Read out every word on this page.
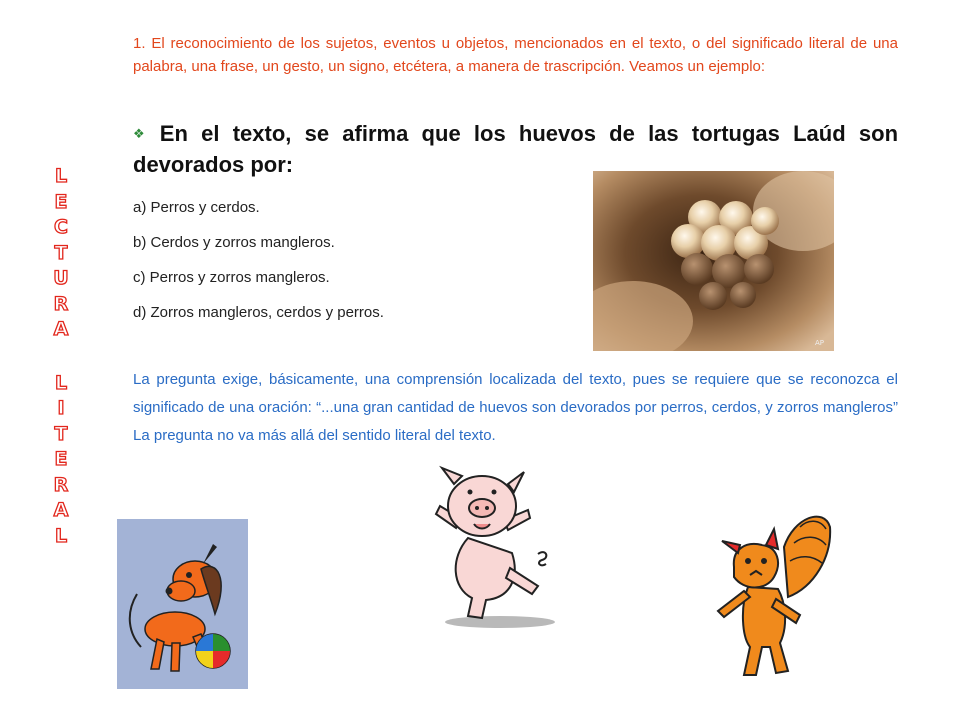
L
E
C
T
U
R
A
L
I
T
E
R
A
L

1. El reconocimiento de los sujetos, eventos u objetos, mencionados en el texto, o del significado literal de una palabra, una frase, un gesto, un signo, etcétera, a manera de trascripción. Veamos un ejemplo:

❖ En el texto, se afirma que los huevos de las tortugas Laúd son devorados por:

a) Perros y cerdos.
b) Cerdos y zorros mangleros.
c) Perros y zorros mangleros.
d) Zorros mangleros, cerdos y perros.
AP

La pregunta exige, básicamente, una comprensión localizada del texto, pues se requiere que se reconozca el significado de una oración: “...una gran cantidad de huevos son devorados por perros, cerdos, y zorros mangleros” La pregunta no va más allá del sentido literal del texto.
